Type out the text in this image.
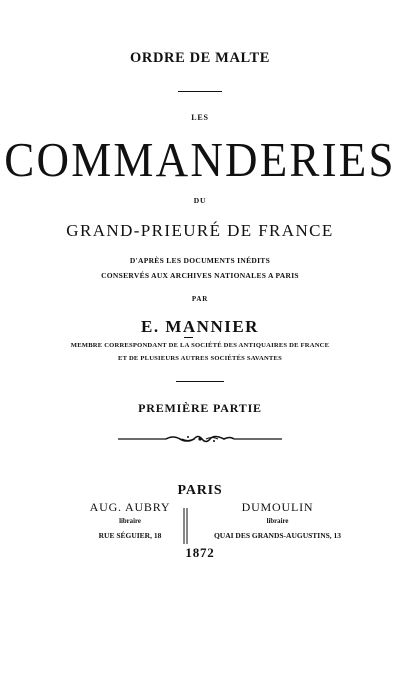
ORDRE DE MALTE
LES
COMMANDERIES
DU
GRAND-PRIEURÉ DE FRANCE
D'APRÈS LES DOCUMENTS INÉDITS
CONSERVÉS AUX ARCHIVES NATIONALES A PARIS
PAR
E. MANNIER
MEMBRE CORRESPONDANT DE LA SOCIÉTÉ DES ANTIQUAIRES DE FRANCE
ET DE PLUSIEURS AUTRES SOCIÉTÉS SAVANTES
PREMIÈRE PARTIE
PARIS
AUG. AUBRY
libraire
RUE SÉGUIER, 18
DUMOULIN
libraire
QUAI DES GRANDS-AUGUSTINS, 13
1872
